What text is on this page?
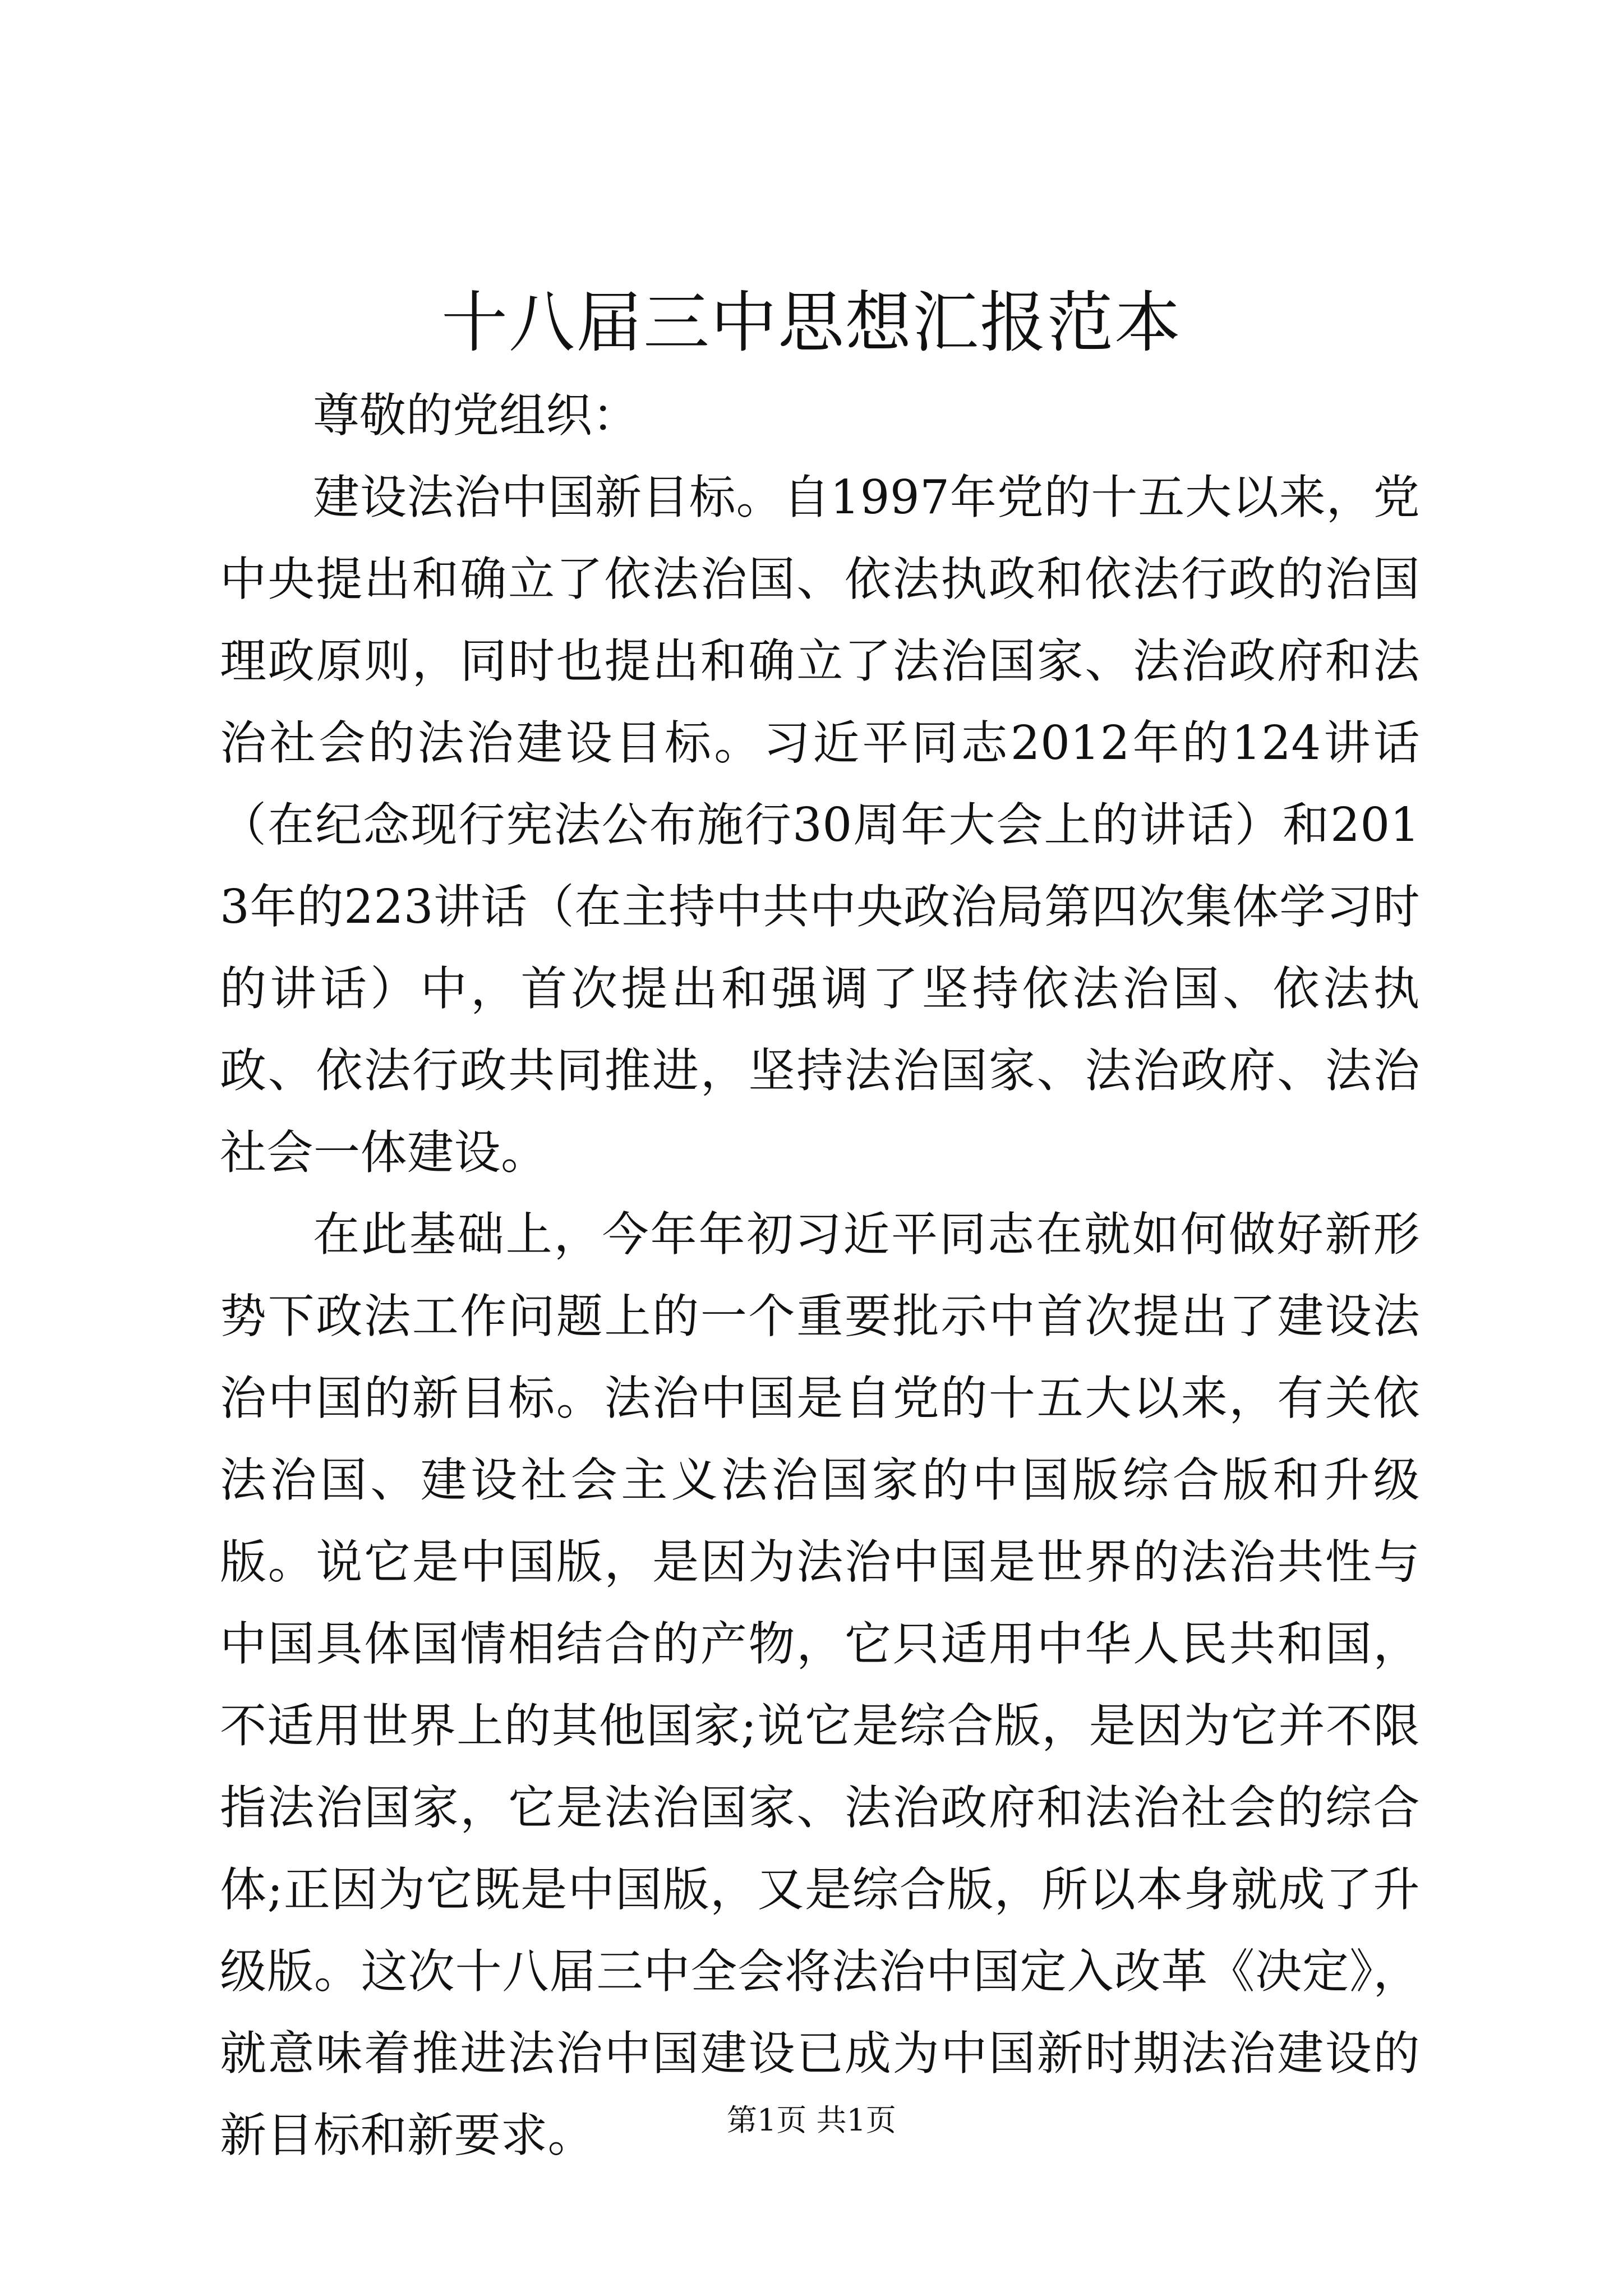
十八届三中思想汇报范本

尊敬的党组织：

建设法治中国新目标。自1997年党的十五大以来，党中央提出和确立了依法治国、依法执政和依法行政的治国理政原则，同时也提出和确立了法治国家、法治政府和法治社会的法治建设目标。习近平同志2012年的124讲话（在纪念现行宪法公布施行30周年大会上的讲话）和2013年的223讲话（在主持中共中央政治局第四次集体学习时的讲话）中，首次提出和强调了坚持依法治国、依法执政、依法行政共同推进，坚持法治国家、法治政府、法治社会一体建设。

在此基础上，今年年初习近平同志在就如何做好新形势下政法工作问题上的一个重要批示中首次提出了建设法治中国的新目标。法治中国是自党的十五大以来，有关依法治国、建设社会主义法治国家的中国版综合版和升级版。说它是中国版，是因为法治中国是世界的法治共性与中国具体国情相结合的产物，它只适用中华人民共和国，不适用世界上的其他国家;说它是综合版，是因为它并不限指法治国家，它是法治国家、法治政府和法治社会的综合体;正因为它既是中国版，又是综合版，所以本身就成了升级版。这次十八届三中全会将法治中国定入改革《决定》，就意味着推进法治中国建设已成为中国新时期法治建设的新目标和新要求。	第1页 共1页
